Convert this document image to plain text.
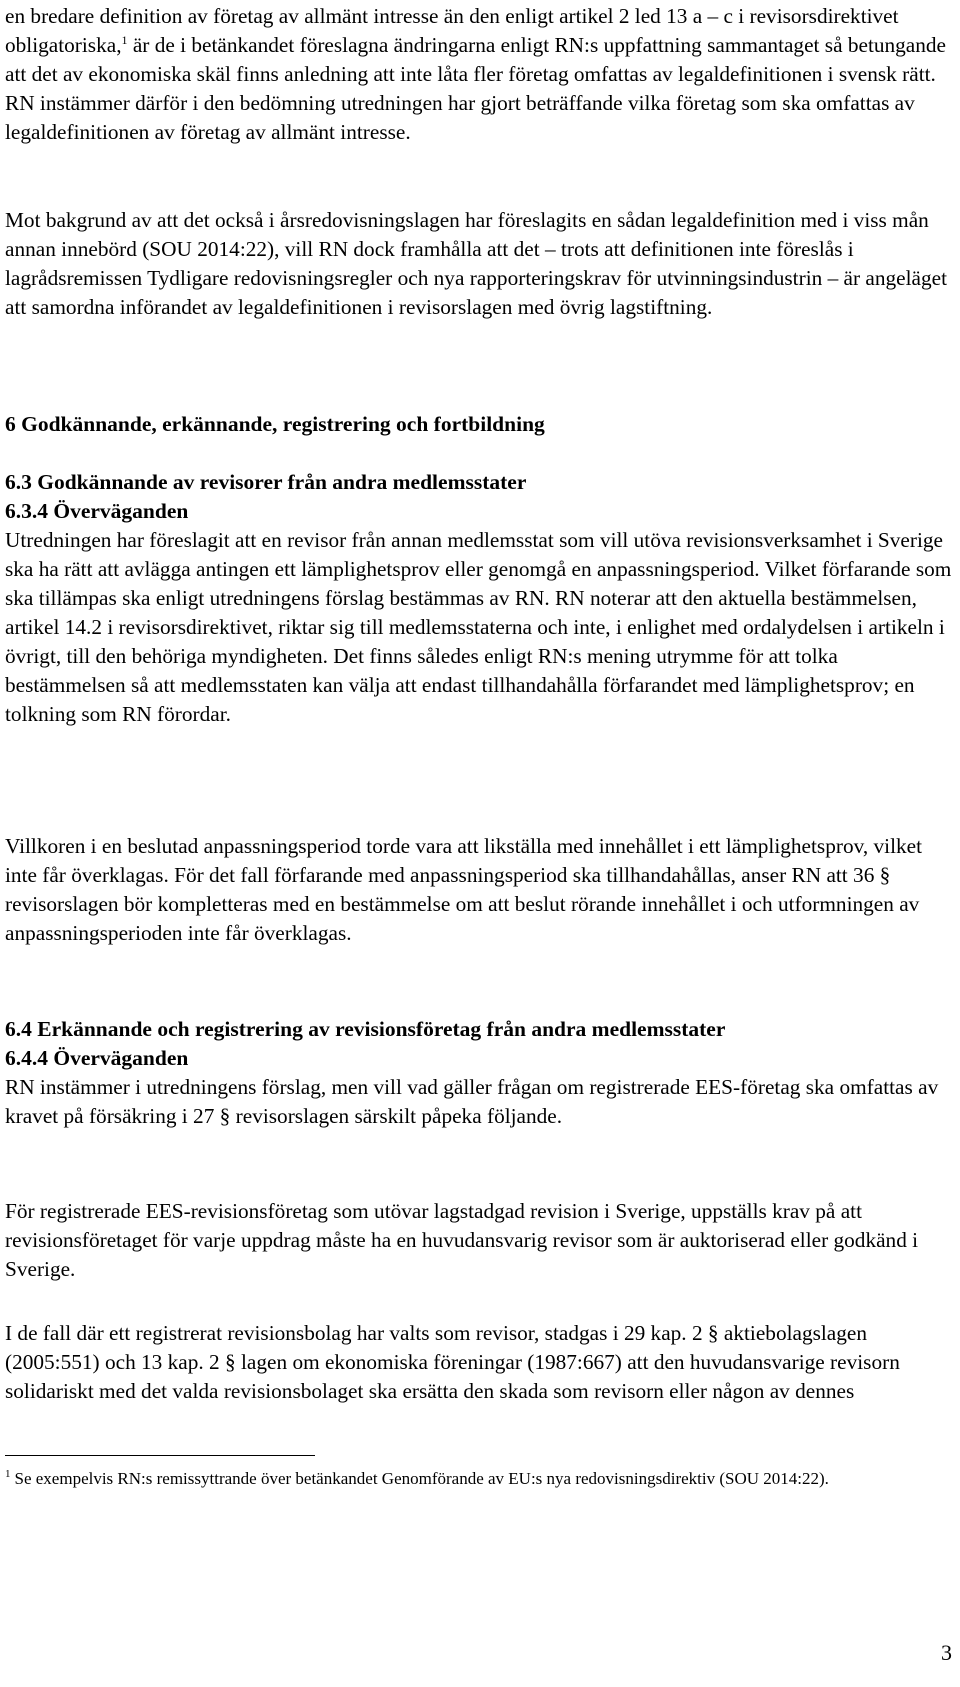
en bredare definition av företag av allmänt intresse än den enligt artikel 2 led 13 a – c i revisorsdirektivet obligatoriska,$^1$ är de i betänkandet föreslagna ändringarna enligt RN:s uppfattning sammantaget så betungande att det av ekonomiska skäl finns anledning att inte låta fler företag omfattas av legaldefinitionen i svensk rätt. RN instämmer därför i den bedömning utredningen har gjort beträffande vilka företag som ska omfattas av legaldefinitionen av företag av allmänt intresse.

Mot bakgrund av att det också i årsredovisningslagen har föreslagits en sådan legaldefinition med i viss mån annan innebörd (SOU 2014:22), vill RN dock framhålla att det – trots att definitionen inte föreslås i lagrådsremissen Tydligare redovisningsregler och nya rapporteringskrav för utvinningsindustrin – är angeläget att samordna införandet av legaldefinitionen i revisorslagen med övrig lagstiftning.

6 Godkännande, erkännande, registrering och fortbildning

6.3 Godkännande av revisorer från andra medlemsstater

6.3.4 Överväganden

Utredningen har föreslagit att en revisor från annan medlemsstat som vill utöva revisionsverksamhet i Sverige ska ha rätt att avlägga antingen ett lämplighetsprov eller genomgå en anpassningsperiod. Vilket förfarande som ska tillämpas ska enligt utredningens förslag bestämmas av RN. RN noterar att den aktuella bestämmelsen, artikel 14.2 i revisorsdirektivet, riktar sig till medlemsstaterna och inte, i enlighet med ordalydelsen i artikeln i övrigt, till den behöriga myndigheten. Det finns således enligt RN:s mening utrymme för att tolka bestämmelsen så att medlemsstaten kan välja att endast tillhandahålla förfarandet med lämplighetsprov; en tolkning som RN förordar.

Villkoren i en beslutad anpassningsperiod torde vara att likställa med innehållet i ett lämplighetsprov, vilket inte får överklagas. För det fall förfarande med anpassningsperiod ska tillhandahållas, anser RN att 36 § revisorslagen bör kompletteras med en bestämmelse om att beslut rörande innehållet i och utformningen av anpassningsperioden inte får överklagas.

6.4 Erkännande och registrering av revisionsföretag från andra medlemsstater

6.4.4 Överväganden

RN instämmer i utredningens förslag, men vill vad gäller frågan om registrerade EES-företag ska omfattas av kravet på försäkring i 27 § revisorslagen särskilt påpeka följande.

För registrerade EES-revisionsföretag som utövar lagstadgad revision i Sverige, uppställs krav på att revisionsföretaget för varje uppdrag måste ha en huvudansvarig revisor som är auktoriserad eller godkänd i Sverige.

I de fall där ett registrerat revisionsbolag har valts som revisor, stadgas i 29 kap. 2 § aktiebolagslagen (2005:551) och 13 kap. 2 § lagen om ekonomiska föreningar (1987:667) att den huvudansvarige revisorn solidariskt med det valda revisionsbolaget ska ersätta den skada som revisorn eller någon av dennes

$^1$ Se exempelvis RN:s remissyttrande över betänkandet Genomförande av EU:s nya redovisningsdirektiv (SOU 2014:22).

3
